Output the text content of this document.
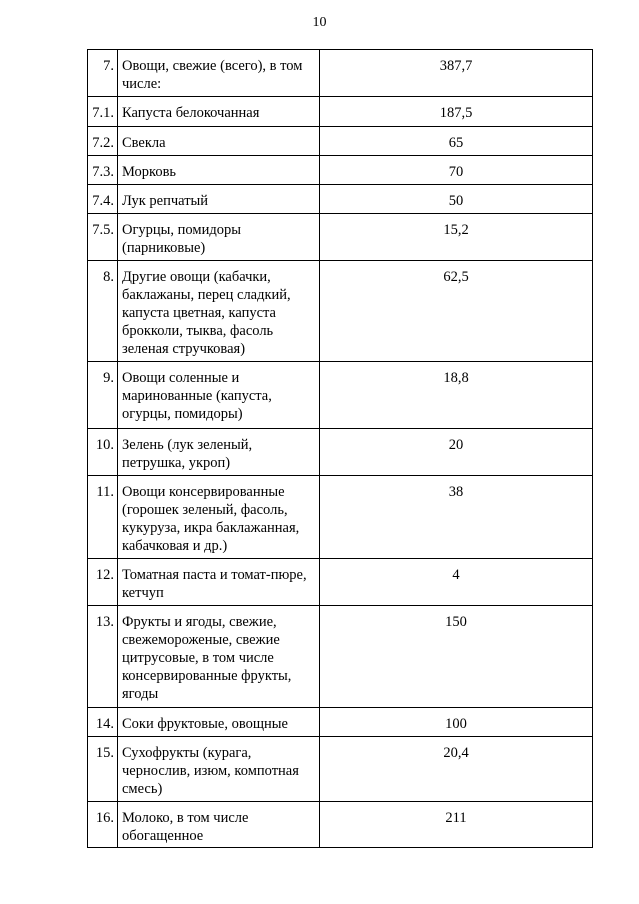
10
7.	Овощи, свежие (всего), в том числе:	387,7
7.1.	Капуста белокочанная	187,5
7.2.	Свекла	65
7.3.	Морковь	70
7.4.	Лук репчатый	50
7.5.	Огурцы, помидоры (парниковые)	15,2
8.	Другие овощи (кабачки, баклажаны, перец сладкий, капуста цветная, капуста брокколи, тыква, фасоль зеленая стручковая)	62,5
9.	Овощи соленные и маринованные (капуста, огурцы, помидоры)	18,8
10.	Зелень (лук зеленый, петрушка, укроп)	20
11.	Овощи консервированные (горошек зеленый, фасоль, кукуруза, икра баклажанная, кабачковая и др.)	38
12.	Томатная паста и томат-пюре, кетчуп	4
13.	Фрукты и ягоды, свежие, свежемороженые, свежие цитрусовые, в том числе консервированные фрукты, ягоды	150
14.	Соки фруктовые, овощные	100
15.	Сухофрукты (курага, чернослив, изюм, компотная смесь)	20,4
16.	Молоко, в том числе обогащенное	211
